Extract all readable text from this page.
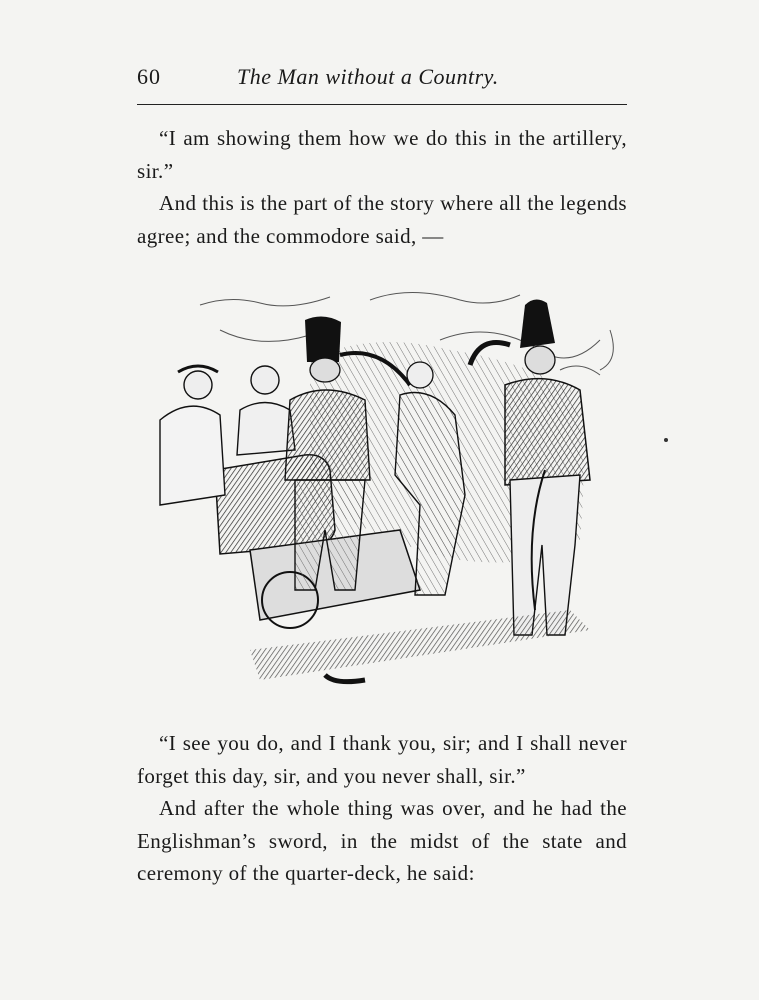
60	The Man without a Country.

“I am showing them how we do this in the artillery, sir.”

And this is the part of the story where all the legends agree; and the commodore said, —

“I see you do, and I thank you, sir; and I shall never forget this day, sir, and you never shall, sir.”

And after the whole thing was over, and he had the Englishman’s sword, in the midst of the state and ceremony of the quarter-deck, he said:
